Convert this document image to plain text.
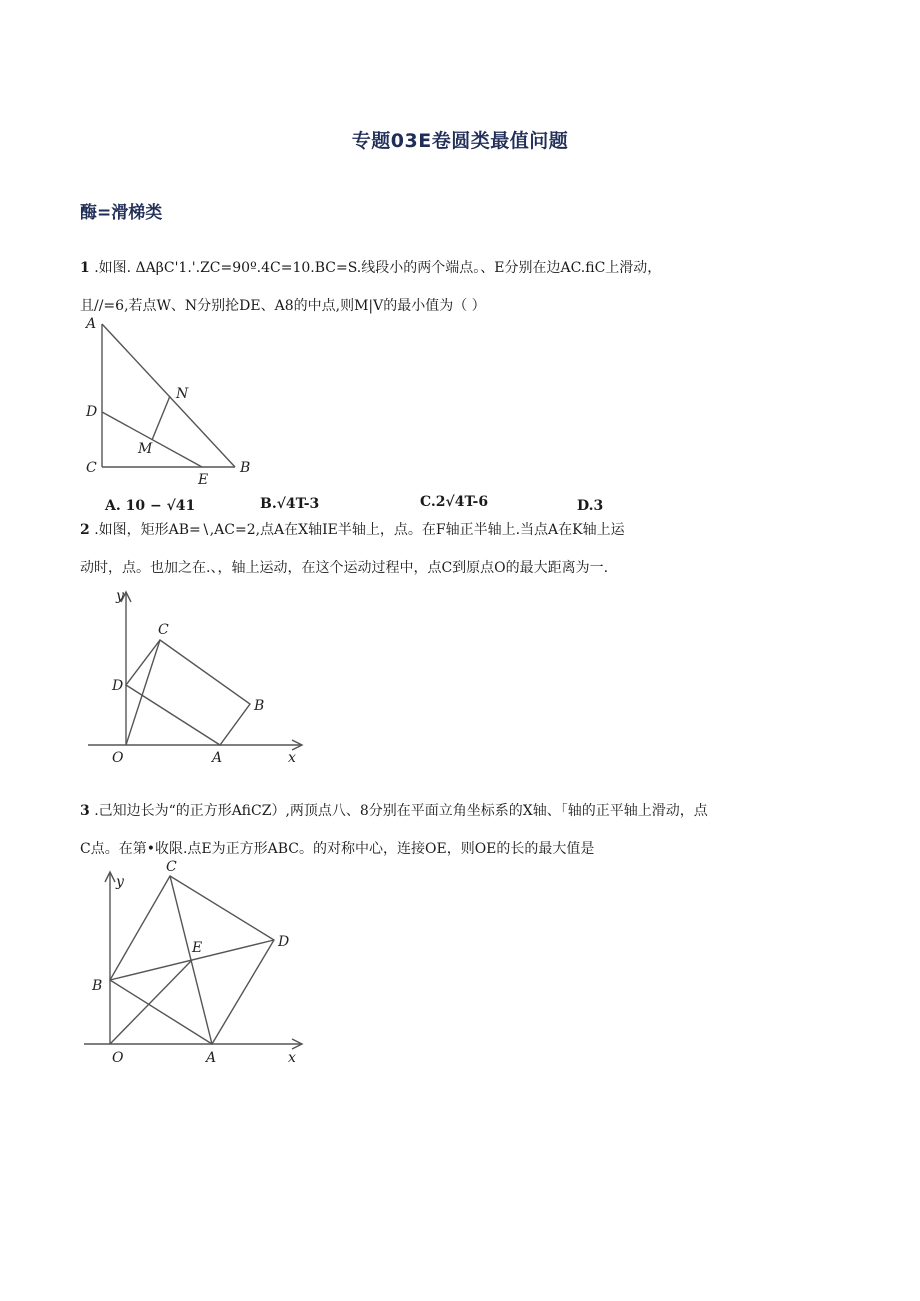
专题03E卷圆类最值问题
酶=滑梯类
1 .如图. ΔAβC'1.'.ZC=90º.4C=10.BC=S.线段小的两个端点。、E分别在边AC.fiC上滑动，
且//=6,若点W、N分别抡DE、A8的中点,则M|V的最小值为（ ）
A
D
N
M
C
E
B
A. 10 − √41	B.√4T-3	C.2√4T-6	D.3
2 .如图，矩形AB=∖,AC=2,点A在X轴IE半轴上，点。在F轴正半轴上.当点A在K轴上运
动时，点。也加之在.、，轴上运动，在这个运动过程中，点C到原点O的最大距离为一.
y
C
D
B
O	A	x
3 .己知边长为“的正方形AfiCZ）,两顶点八、8分别在平面立角坐标系的X轴、「轴的正平轴上滑动，点
C点。在第•收限.点E为正方形ABC。的对称中心，连接OE，则OE的长的最大值是
y
C
D
E
B
O	A	x
